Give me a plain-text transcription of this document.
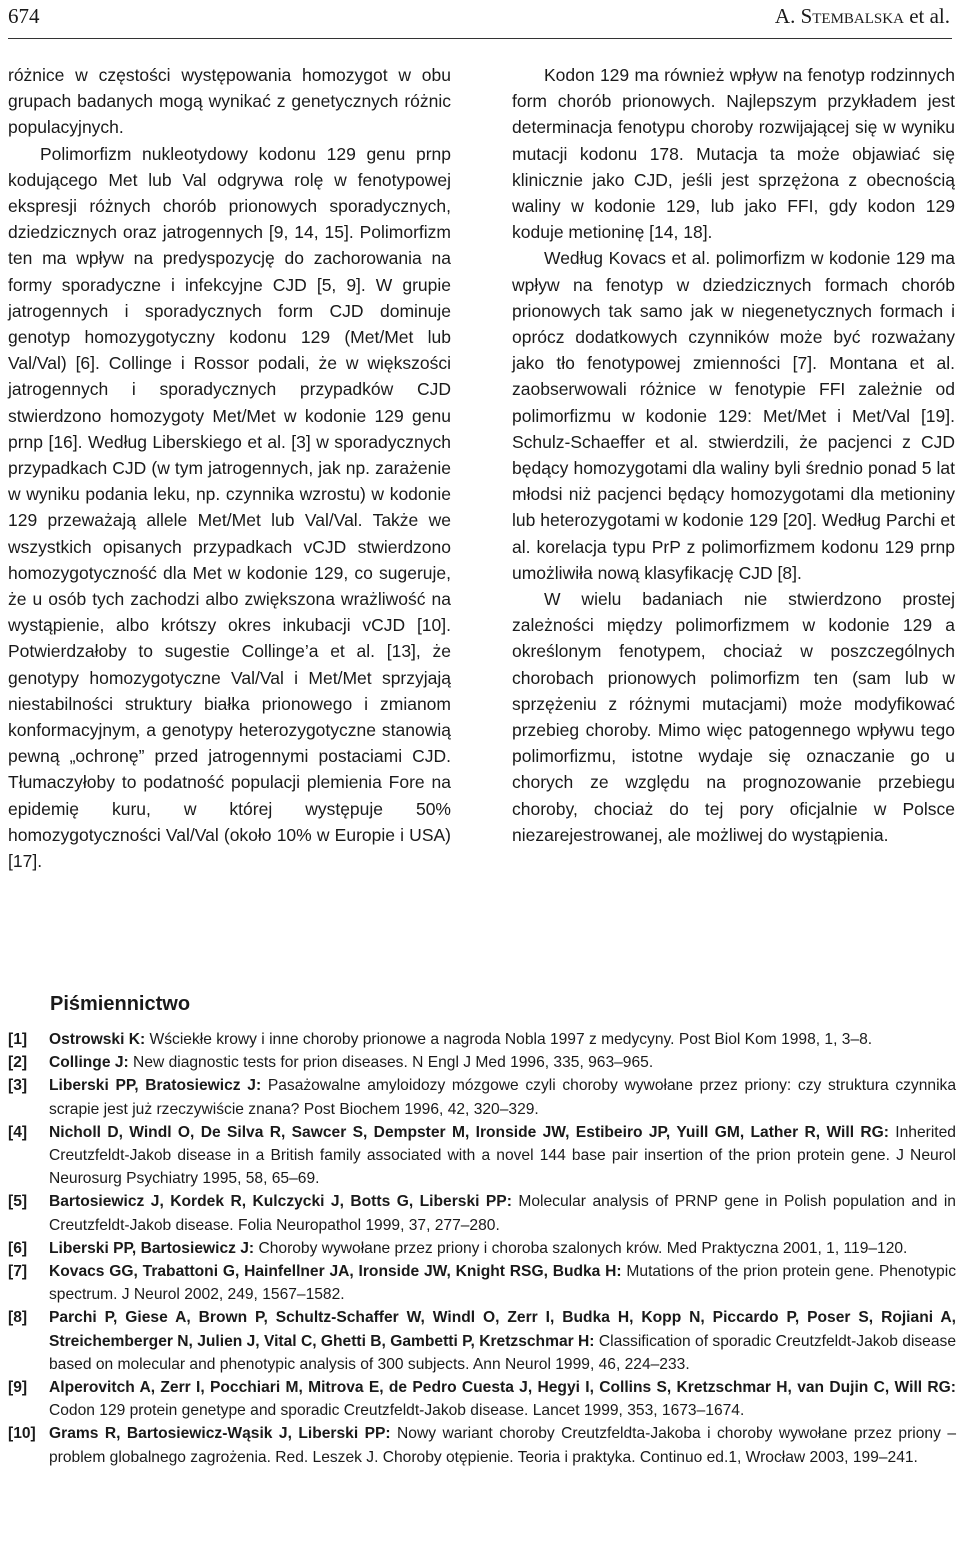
674	A. Stembalska et al.

różnice w częstości występowania homozygot w obu grupach badanych mogą wynikać z genetycznych różnic populacyjnych.

Polimorfizm nukleotydowy kodonu 129 genu prnp kodującego Met lub Val odgrywa rolę w fenotypowej ekspresji różnych chorób prionowych sporadycznych, dziedzicznych oraz jatrogennych [9, 14, 15]. Polimorfizm ten ma wpływ na predyspozycję do zachorowania na formy sporadyczne i infekcyjne CJD [5, 9]. W grupie jatrogennych i sporadycznych form CJD dominuje genotyp homozygotyczny kodonu 129 (Met/Met lub Val/Val) [6]. Collinge i Rossor podali, że w większości jatrogennych i sporadycznych przypadków CJD stwierdzono homozygoty Met/Met w kodonie 129 genu prnp [16]. Według Liberskiego et al. [3] w sporadycznych przypadkach CJD (w tym jatrogennych, jak np. zarażenie w wyniku podania leku, np. czynnika wzrostu) w kodonie 129 przeważają allele Met/Met lub Val/Val. Także we wszystkich opisanych przypadkach vCJD stwierdzono homozygotyczność dla Met w kodonie 129, co sugeruje, że u osób tych zachodzi albo zwiększona wrażliwość na wystąpienie, albo krótszy okres inkubacji vCJD [10]. Potwierdzałoby to sugestie Collinge’a et al. [13], że genotypy homozygotyczne Val/Val i Met/Met sprzyjają niestabilności struktury białka prionowego i zmianom konformacyjnym, a genotypy heterozygotyczne stanowią pewną „ochronę” przed jatrogennymi postaciami CJD. Tłumaczyłoby to podatność populacji plemienia Fore na epidemię kuru, w której występuje 50% homozygotyczności Val/Val (około 10% w Europie i USA) [17].

Kodon 129 ma również wpływ na fenotyp rodzinnych form chorób prionowych. Najlepszym przykładem jest determinacja fenotypu choroby rozwijającej się w wyniku mutacji kodonu 178. Mutacja ta może objawiać się klinicznie jako CJD, jeśli jest sprzężona z obecnością waliny w kodonie 129, lub jako FFI, gdy kodon 129 koduje metioninę [14, 18].

Według Kovacs et al. polimorfizm w kodonie 129 ma wpływ na fenotyp w dziedzicznych formach chorób prionowych tak samo jak w niegenetycznych formach i oprócz dodatkowych czynników może być rozważany jako tło fenotypowej zmienności [7]. Montana et al. zaobserwowali różnice w fenotypie FFI zależnie od polimorfizmu w kodonie 129: Met/Met i Met/Val [19]. Schulz-Schaeffer et al. stwierdzili, że pacjenci z CJD będący homozygotami dla waliny byli średnio ponad 5 lat młodsi niż pacjenci będący homozygotami dla metioniny lub heterozygotami w kodonie 129 [20]. Według Parchi et al. korelacja typu PrP z polimorfizmem kodonu 129 prnp umożliwiła nową klasyfikację CJD [8].

W wielu badaniach nie stwierdzono prostej zależności między polimorfizmem w kodonie 129 a określonym fenotypem, chociaż w poszczególnych chorobach prionowych polimorfizm ten (sam lub w sprzężeniu z różnymi mutacjami) może modyfikować przebieg choroby. Mimo więc patogennego wpływu tego polimorfizmu, istotne wydaje się oznaczanie go u chorych ze względu na prognozowanie przebiegu choroby, chociaż do tej pory oficjalnie w Polsce niezarejestrowanej, ale możliwej do wystąpienia.

Piśmiennictwo
[1] Ostrowski K: Wściekłe krowy i inne choroby prionowe a nagroda Nobla 1997 z medycyny. Post Biol Kom 1998, 1, 3–8.
[2] Collinge J: New diagnostic tests for prion diseases. N Engl J Med 1996, 335, 963–965.
[3] Liberski PP, Bratosiewicz J: Pasażowalne amyloidozy mózgowe czyli choroby wywołane przez priony: czy struktura czynnika scrapie jest już rzeczywiście znana? Post Biochem 1996, 42, 320–329.
[4] Nicholl D, Windl O, De Silva R, Sawcer S, Dempster M, Ironside JW, Estibeiro JP, Yuill GM, Lather R, Will RG: Inherited Creutzfeldt-Jakob disease in a British family associated with a novel 144 base pair insertion of the prion protein gene. J Neurol Neurosurg Psychiatry 1995, 58, 65–69.
[5] Bartosiewicz J, Kordek R, Kulczycki J, Botts G, Liberski PP: Molecular analysis of PRNP gene in Polish population and in Creutzfeldt-Jakob disease. Folia Neuropathol 1999, 37, 277–280.
[6] Liberski PP, Bartosiewicz J: Choroby wywołane przez priony i choroba szalonych krów. Med Praktyczna 2001, 1, 119–120.
[7] Kovacs GG, Trabattoni G, Hainfellner JA, Ironside JW, Knight RSG, Budka H: Mutations of the prion protein gene. Phenotypic spectrum. J Neurol 2002, 249, 1567–1582.
[8] Parchi P, Giese A, Brown P, Schultz-Schaffer W, Windl O, Zerr I, Budka H, Kopp N, Piccardo P, Poser S, Rojiani A, Streichemberger N, Julien J, Vital C, Ghetti B, Gambetti P, Kretzschmar H: Classification of sporadic Creutzfeldt-Jakob disease based on molecular and phenotypic analysis of 300 subjects. Ann Neurol 1999, 46, 224–233.
[9] Alperovitch A, Zerr I, Pocchiari M, Mitrova E, de Pedro Cuesta J, Hegyi I, Collins S, Kretzschmar H, van Dujin C, Will RG: Codon 129 protein genetype and sporadic Creutzfeldt-Jakob disease. Lancet 1999, 353, 1673–1674.
[10] Grams R, Bartosiewicz-Wąsik J, Liberski PP: Nowy wariant choroby Creutzfeldta-Jakoba i choroby wywołane przez priony – problem globalnego zagrożenia. Red. Leszek J. Choroby otępienie. Teoria i praktyka. Continuo ed.1, Wrocław 2003, 199–241.
